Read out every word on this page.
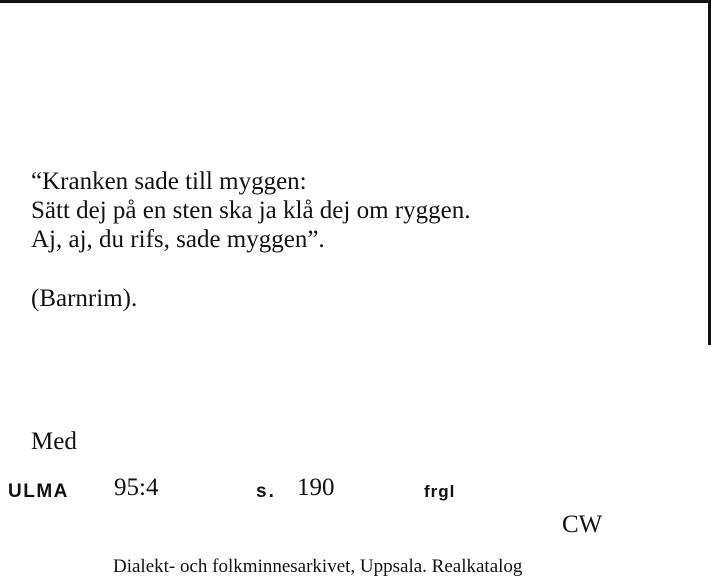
“Kranken sade till myggen:
Sätt dej på en sten ska ja klå dej om ryggen.
Aj, aj, du rifs, sade myggen”.
(Barnrim).
Med
ULMA 95:4	s. 190	frgl
CW
Dialekt- och folkminnesarkivet, Uppsala. Realkatalog
